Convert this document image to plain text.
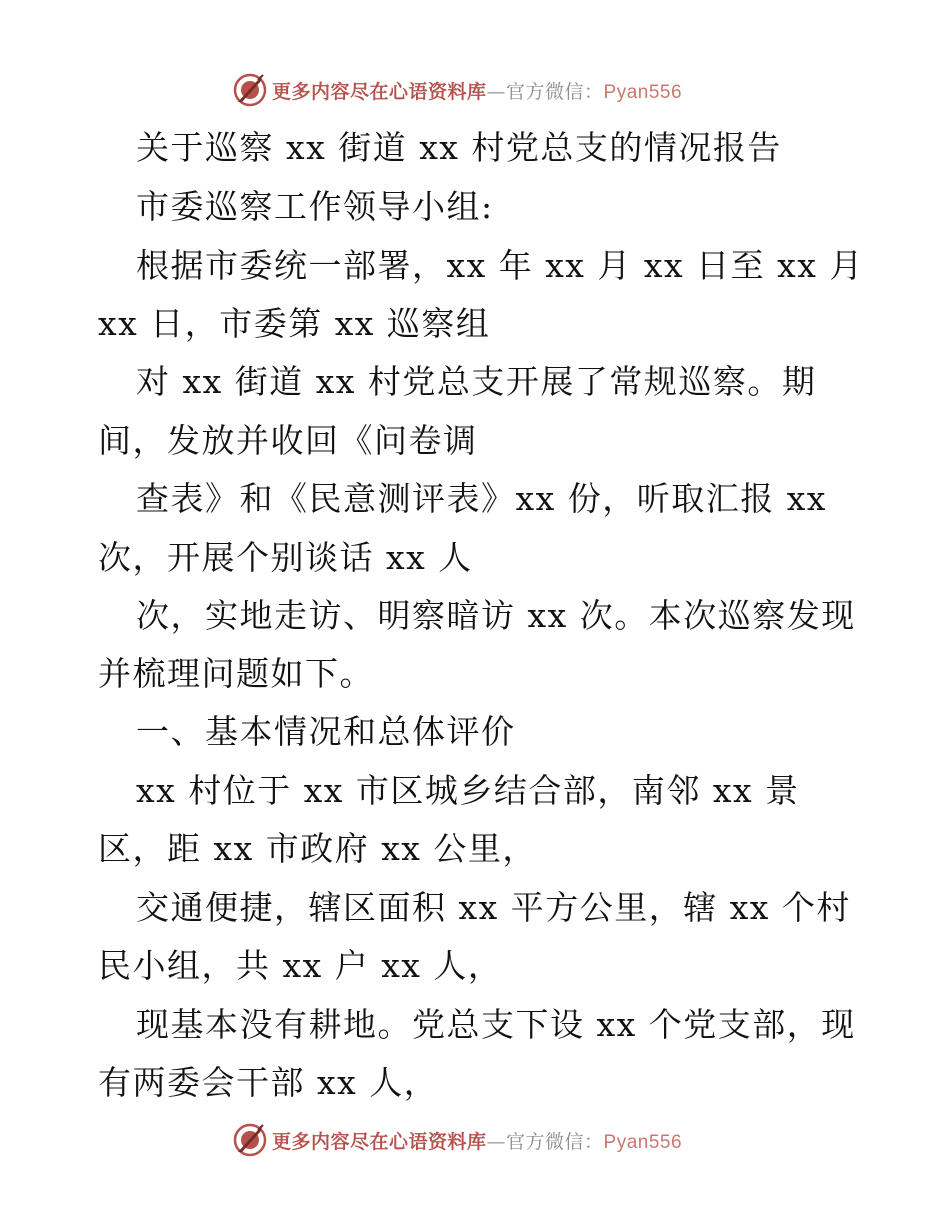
更多内容尽在心语资料库—官方微信：Pyan556
关于巡察 xx 街道 xx 村党总支的情况报告
市委巡察工作领导小组:
根据市委统一部署，xx 年 xx 月 xx 日至 xx 月
xx 日，市委第 xx 巡察组
对 xx 街道 xx 村党总支开展了常规巡察。期
间，发放并收回《问卷调
查表》和《民意测评表》xx 份，听取汇报 xx
次，开展个别谈话 xx 人
次，实地走访、明察暗访 xx 次。本次巡察发现
并梳理问题如下。
一、基本情况和总体评价
xx 村位于 xx 市区城乡结合部，南邻 xx 景
区，距 xx 市政府 xx 公里，
交通便捷，辖区面积 xx 平方公里，辖 xx 个村
民小组，共 xx 户 xx 人，
现基本没有耕地。党总支下设 xx 个党支部，现
有两委会干部 xx 人，
更多内容尽在心语资料库—官方微信：Pyan556
